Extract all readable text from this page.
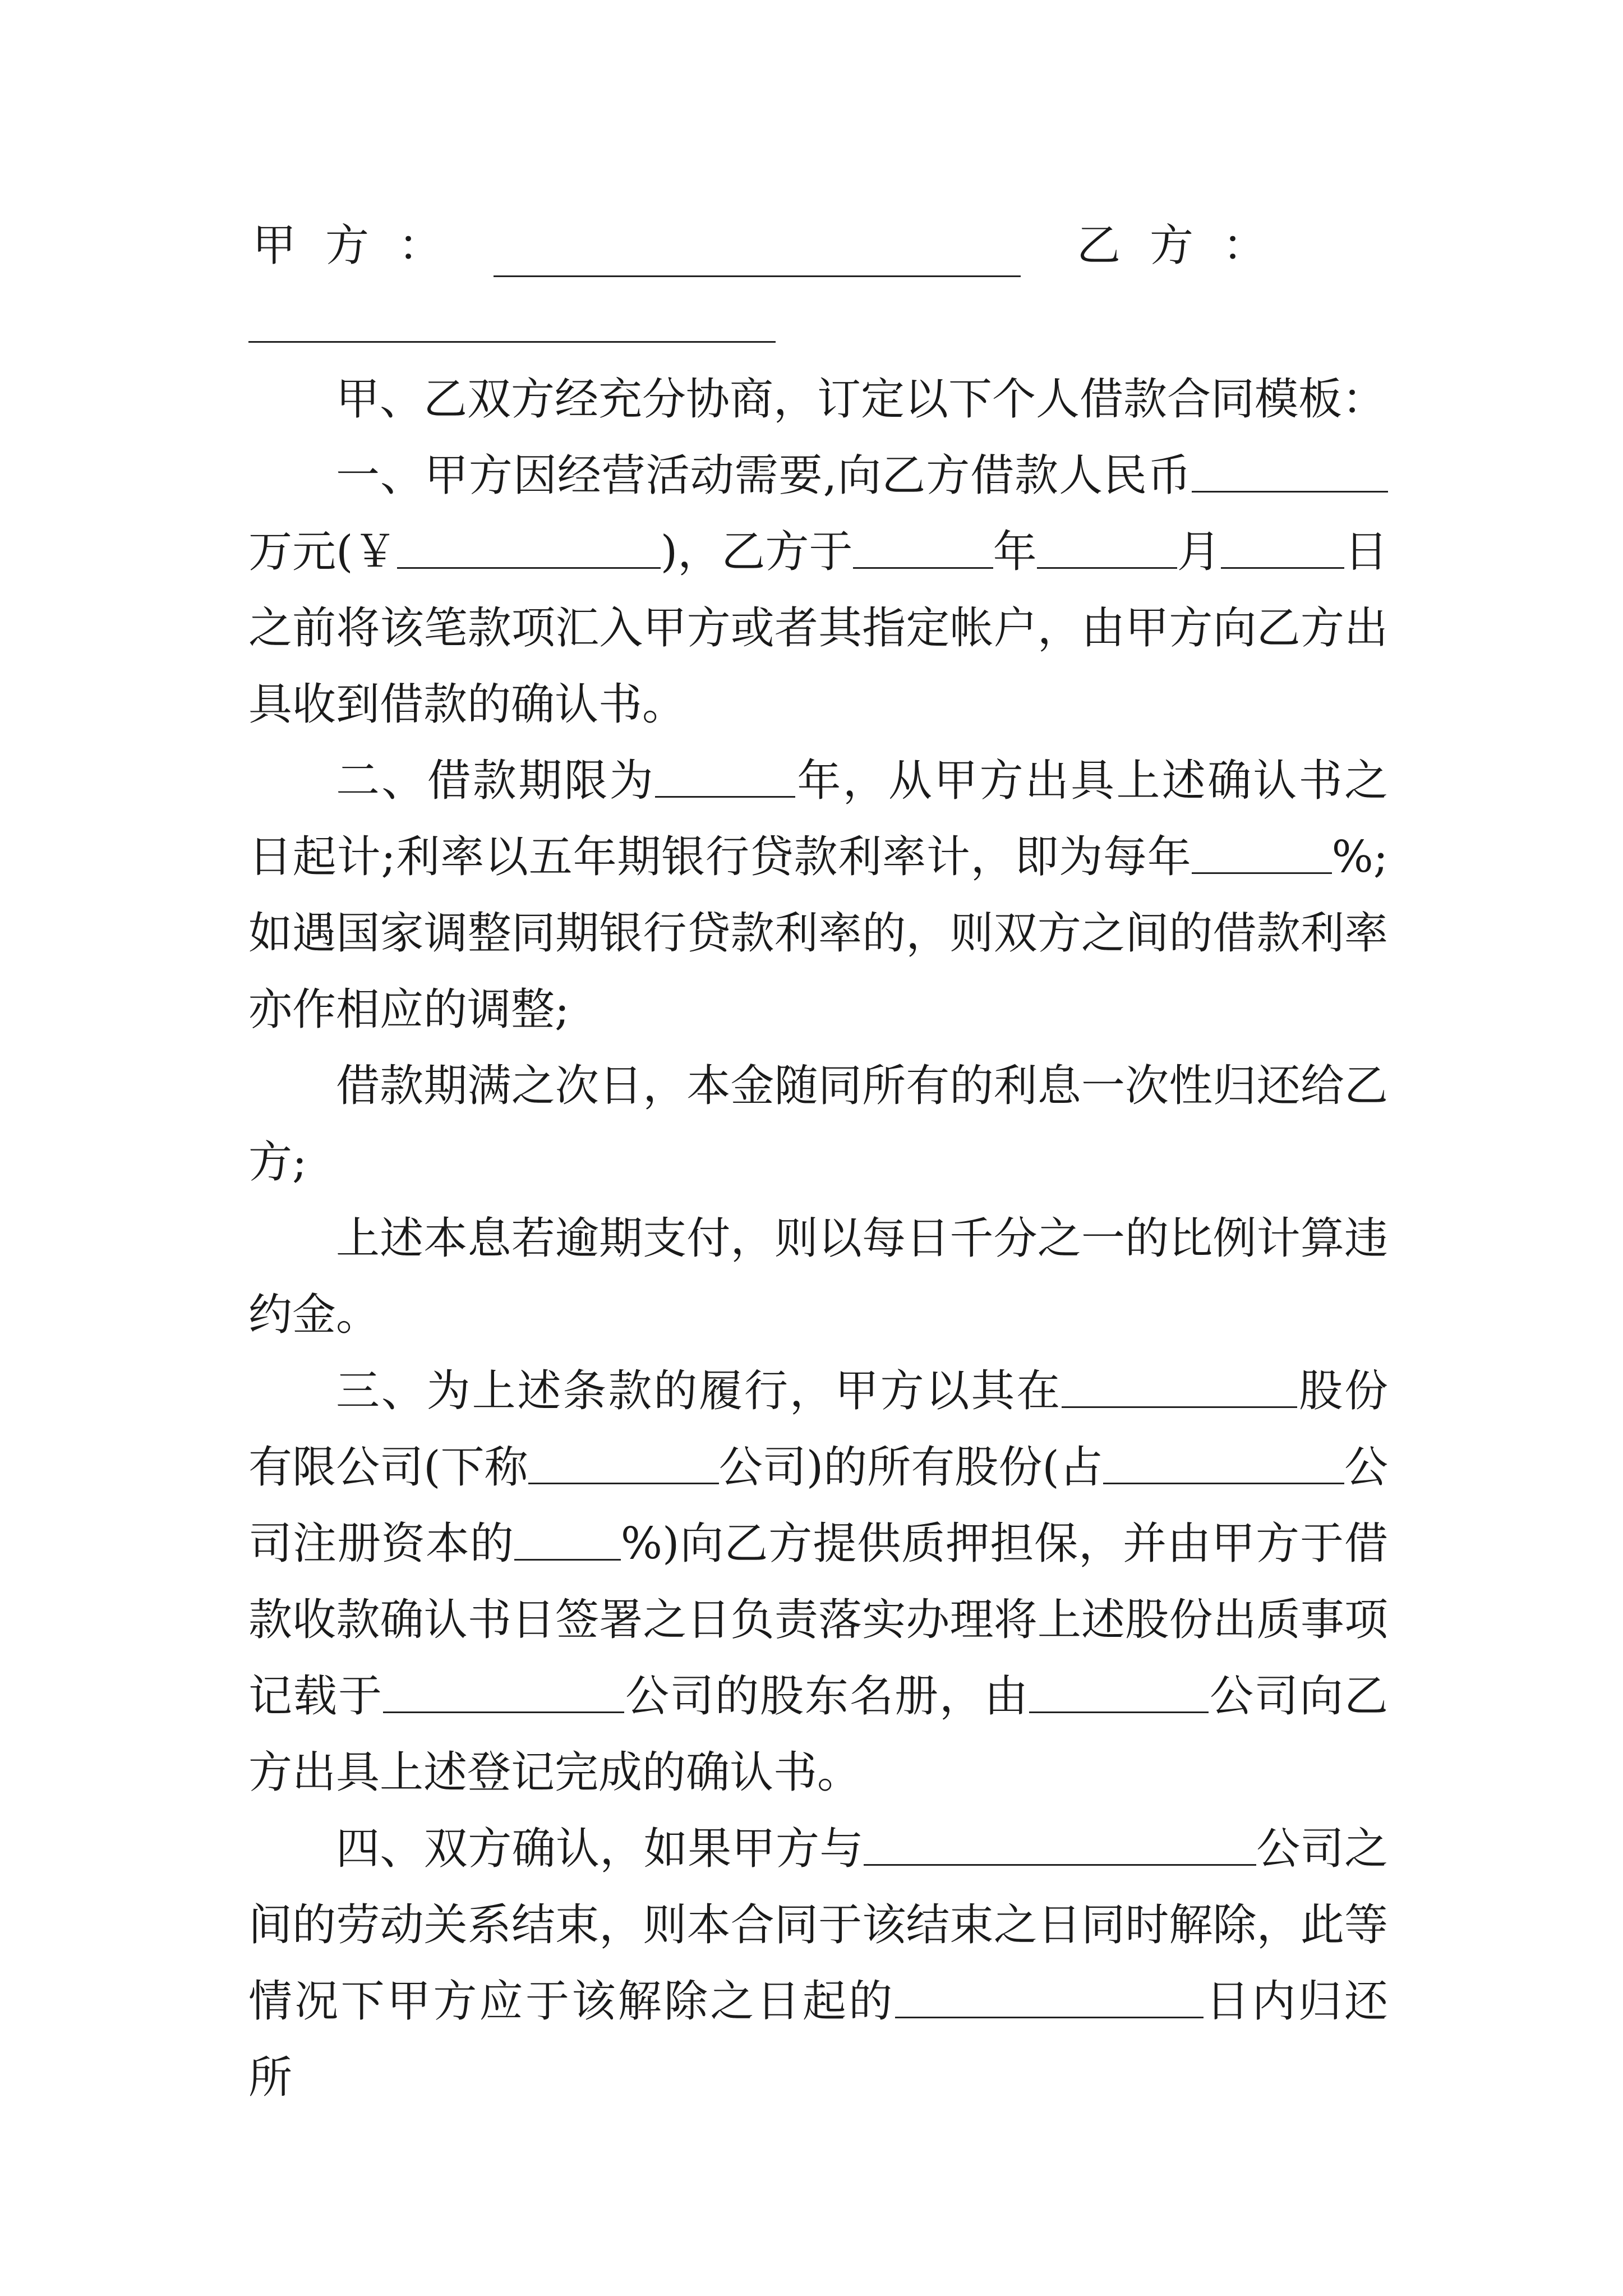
甲方：	乙方：

甲、乙双方经充分协商，订定以下个人借款合同模板：

一、甲方因经营活动需要,向乙方借款人民币万元(￥	)，乙方于	年	月	日之前将该笔款项汇入甲方或者其指定帐户，由甲方向乙方出具收到借款的确认书。

二、借款期限为	年，从甲方出具上述确认书之日起计;利率以五年期银行贷款利率计，即为每年	%;如遇国家调整同期银行贷款利率的，则双方之间的借款利率亦作相应的调整;

借款期满之次日，本金随同所有的利息一次性归还给乙方;

上述本息若逾期支付，则以每日千分之一的比例计算违约金。

三、为上述条款的履行，甲方以其在	股份有限公司(下称	公司)的所有股份(占	公司注册资本的 %)向乙方提供质押担保，并由甲方于借款收款确认书日签署之日负责落实办理将上述股份出质事项记载于	公司的股东名册，由	公司向乙方出具上述登记完成的确认书。

四、双方确认，如果甲方与	公司之间的劳动关系结束，则本合同于该结束之日同时解除，此等情况下甲方应于该解除之日起的	日内归还所
